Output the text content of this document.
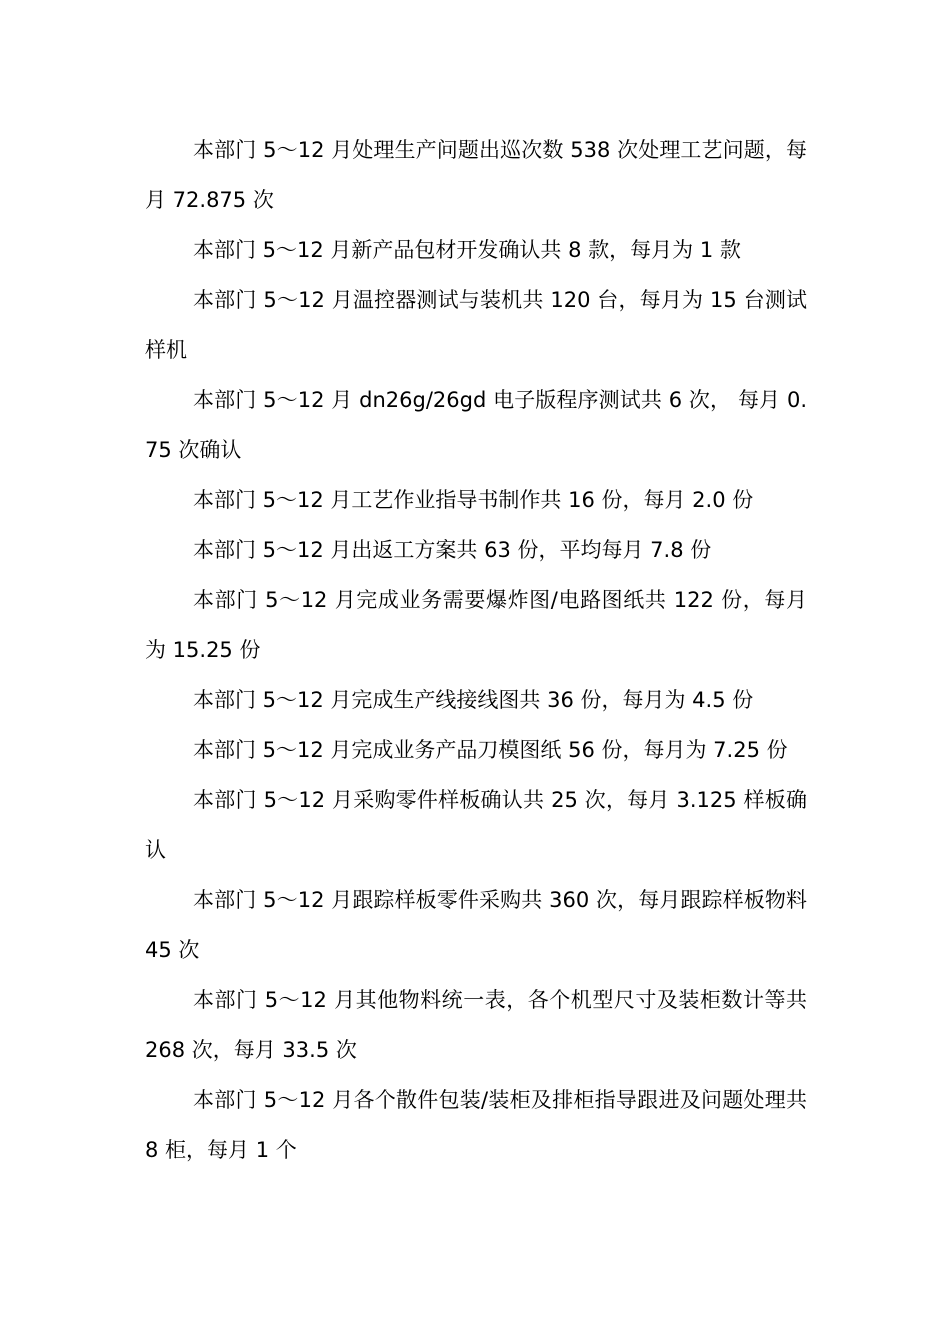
本部门 5～12 月处理生产问题出巡次数 538 次处理工艺问题，每月 72.875 次

本部门 5～12 月新产品包材开发确认共 8 款，每月为 1 款

本部门 5～12 月温控器测试与装机共 120 台，每月为 15 台测试样机

本部门 5～12 月 dn26g/26gd 电子版程序测试共 6 次， 每月 0.75 次确认

本部门 5～12 月工艺作业指导书制作共 16 份，每月 2.0 份

本部门 5～12 月出返工方案共 63 份，平均每月 7.8 份

本部门 5～12 月完成业务需要爆炸图/电路图纸共 122 份，每月为 15.25 份

本部门 5～12 月完成生产线接线图共 36 份，每月为 4.5 份

本部门 5～12 月完成业务产品刀模图纸 56 份，每月为 7.25 份

本部门 5～12 月采购零件样板确认共 25 次，每月 3.125 样板确认

本部门 5～12 月跟踪样板零件采购共 360 次，每月跟踪样板物料 45 次

本部门 5～12 月其他物料统一表，各个机型尺寸及装柜数计等共 268 次，每月 33.5 次

本部门 5～12 月各个散件包装/装柜及排柜指导跟进及问题处理共 8 柜，每月 1 个
